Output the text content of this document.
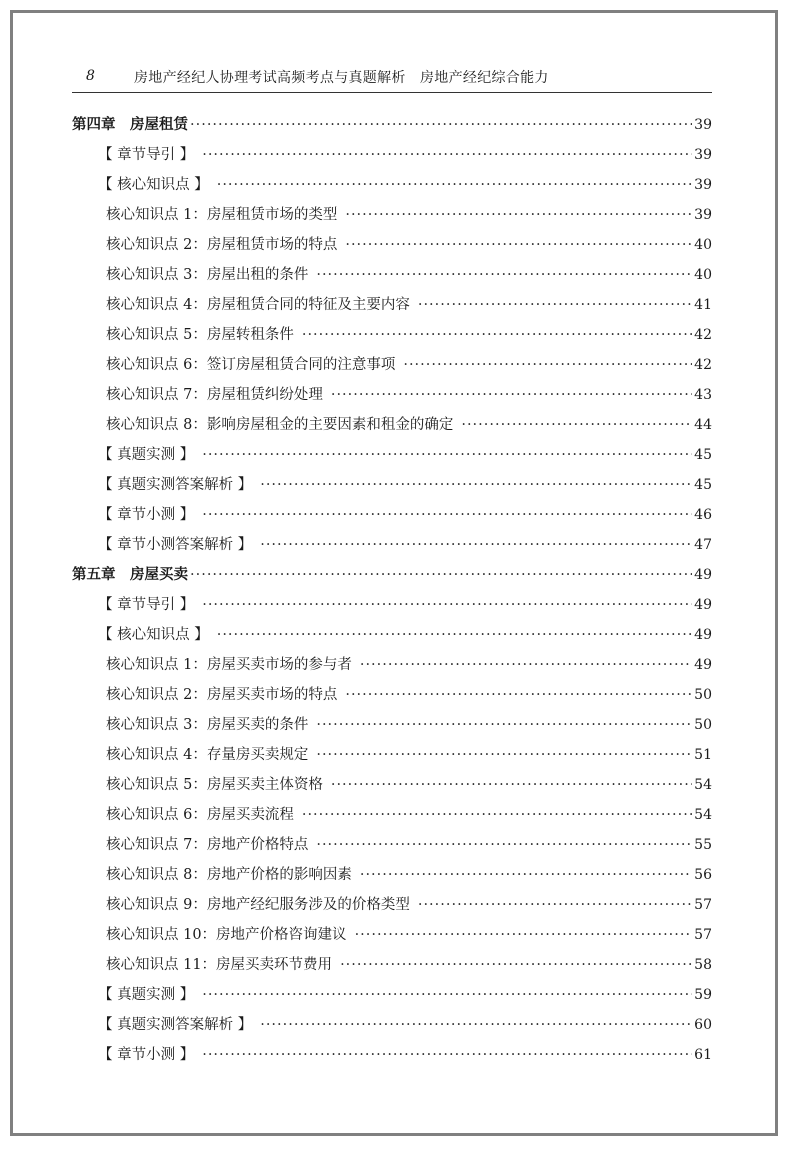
8	房地产经纪人协理考试高频考点与真题解析　房地产经纪综合能力
第四章　房屋租赁 ·····	39
【 章节导引 】 ·····	39
【 核心知识点 】 ·····	39
核心知识点 1：房屋租赁市场的类型 ·····	39
核心知识点 2：房屋租赁市场的特点 ·····	40
核心知识点 3：房屋出租的条件 ·····	40
核心知识点 4：房屋租赁合同的特征及主要内容 ·····	41
核心知识点 5：房屋转租条件 ·····	42
核心知识点 6：签订房屋租赁合同的注意事项 ·····	42
核心知识点 7：房屋租赁纠纷处理 ·····	43
核心知识点 8：影响房屋租金的主要因素和租金的确定 ·····	44
【 真题实测 】 ·····	45
【 真题实测答案解析 】 ·····	45
【 章节小测 】 ·····	46
【 章节小测答案解析 】 ·····	47
第五章　房屋买卖 ·····	49
【 章节导引 】 ·····	49
【 核心知识点 】 ·····	49
核心知识点 1：房屋买卖市场的参与者 ·····	49
核心知识点 2：房屋买卖市场的特点 ·····	50
核心知识点 3：房屋买卖的条件 ·····	50
核心知识点 4：存量房买卖规定 ·····	51
核心知识点 5：房屋买卖主体资格 ·····	54
核心知识点 6：房屋买卖流程 ·····	54
核心知识点 7：房地产价格特点 ·····	55
核心知识点 8：房地产价格的影响因素 ·····	56
核心知识点 9：房地产经纪服务涉及的价格类型 ·····	57
核心知识点 10：房地产价格咨询建议 ·····	57
核心知识点 11：房屋买卖环节费用 ·····	58
【 真题实测 】 ·····	59
【 真题实测答案解析 】 ·····	60
【 章节小测 】 ·····	61
